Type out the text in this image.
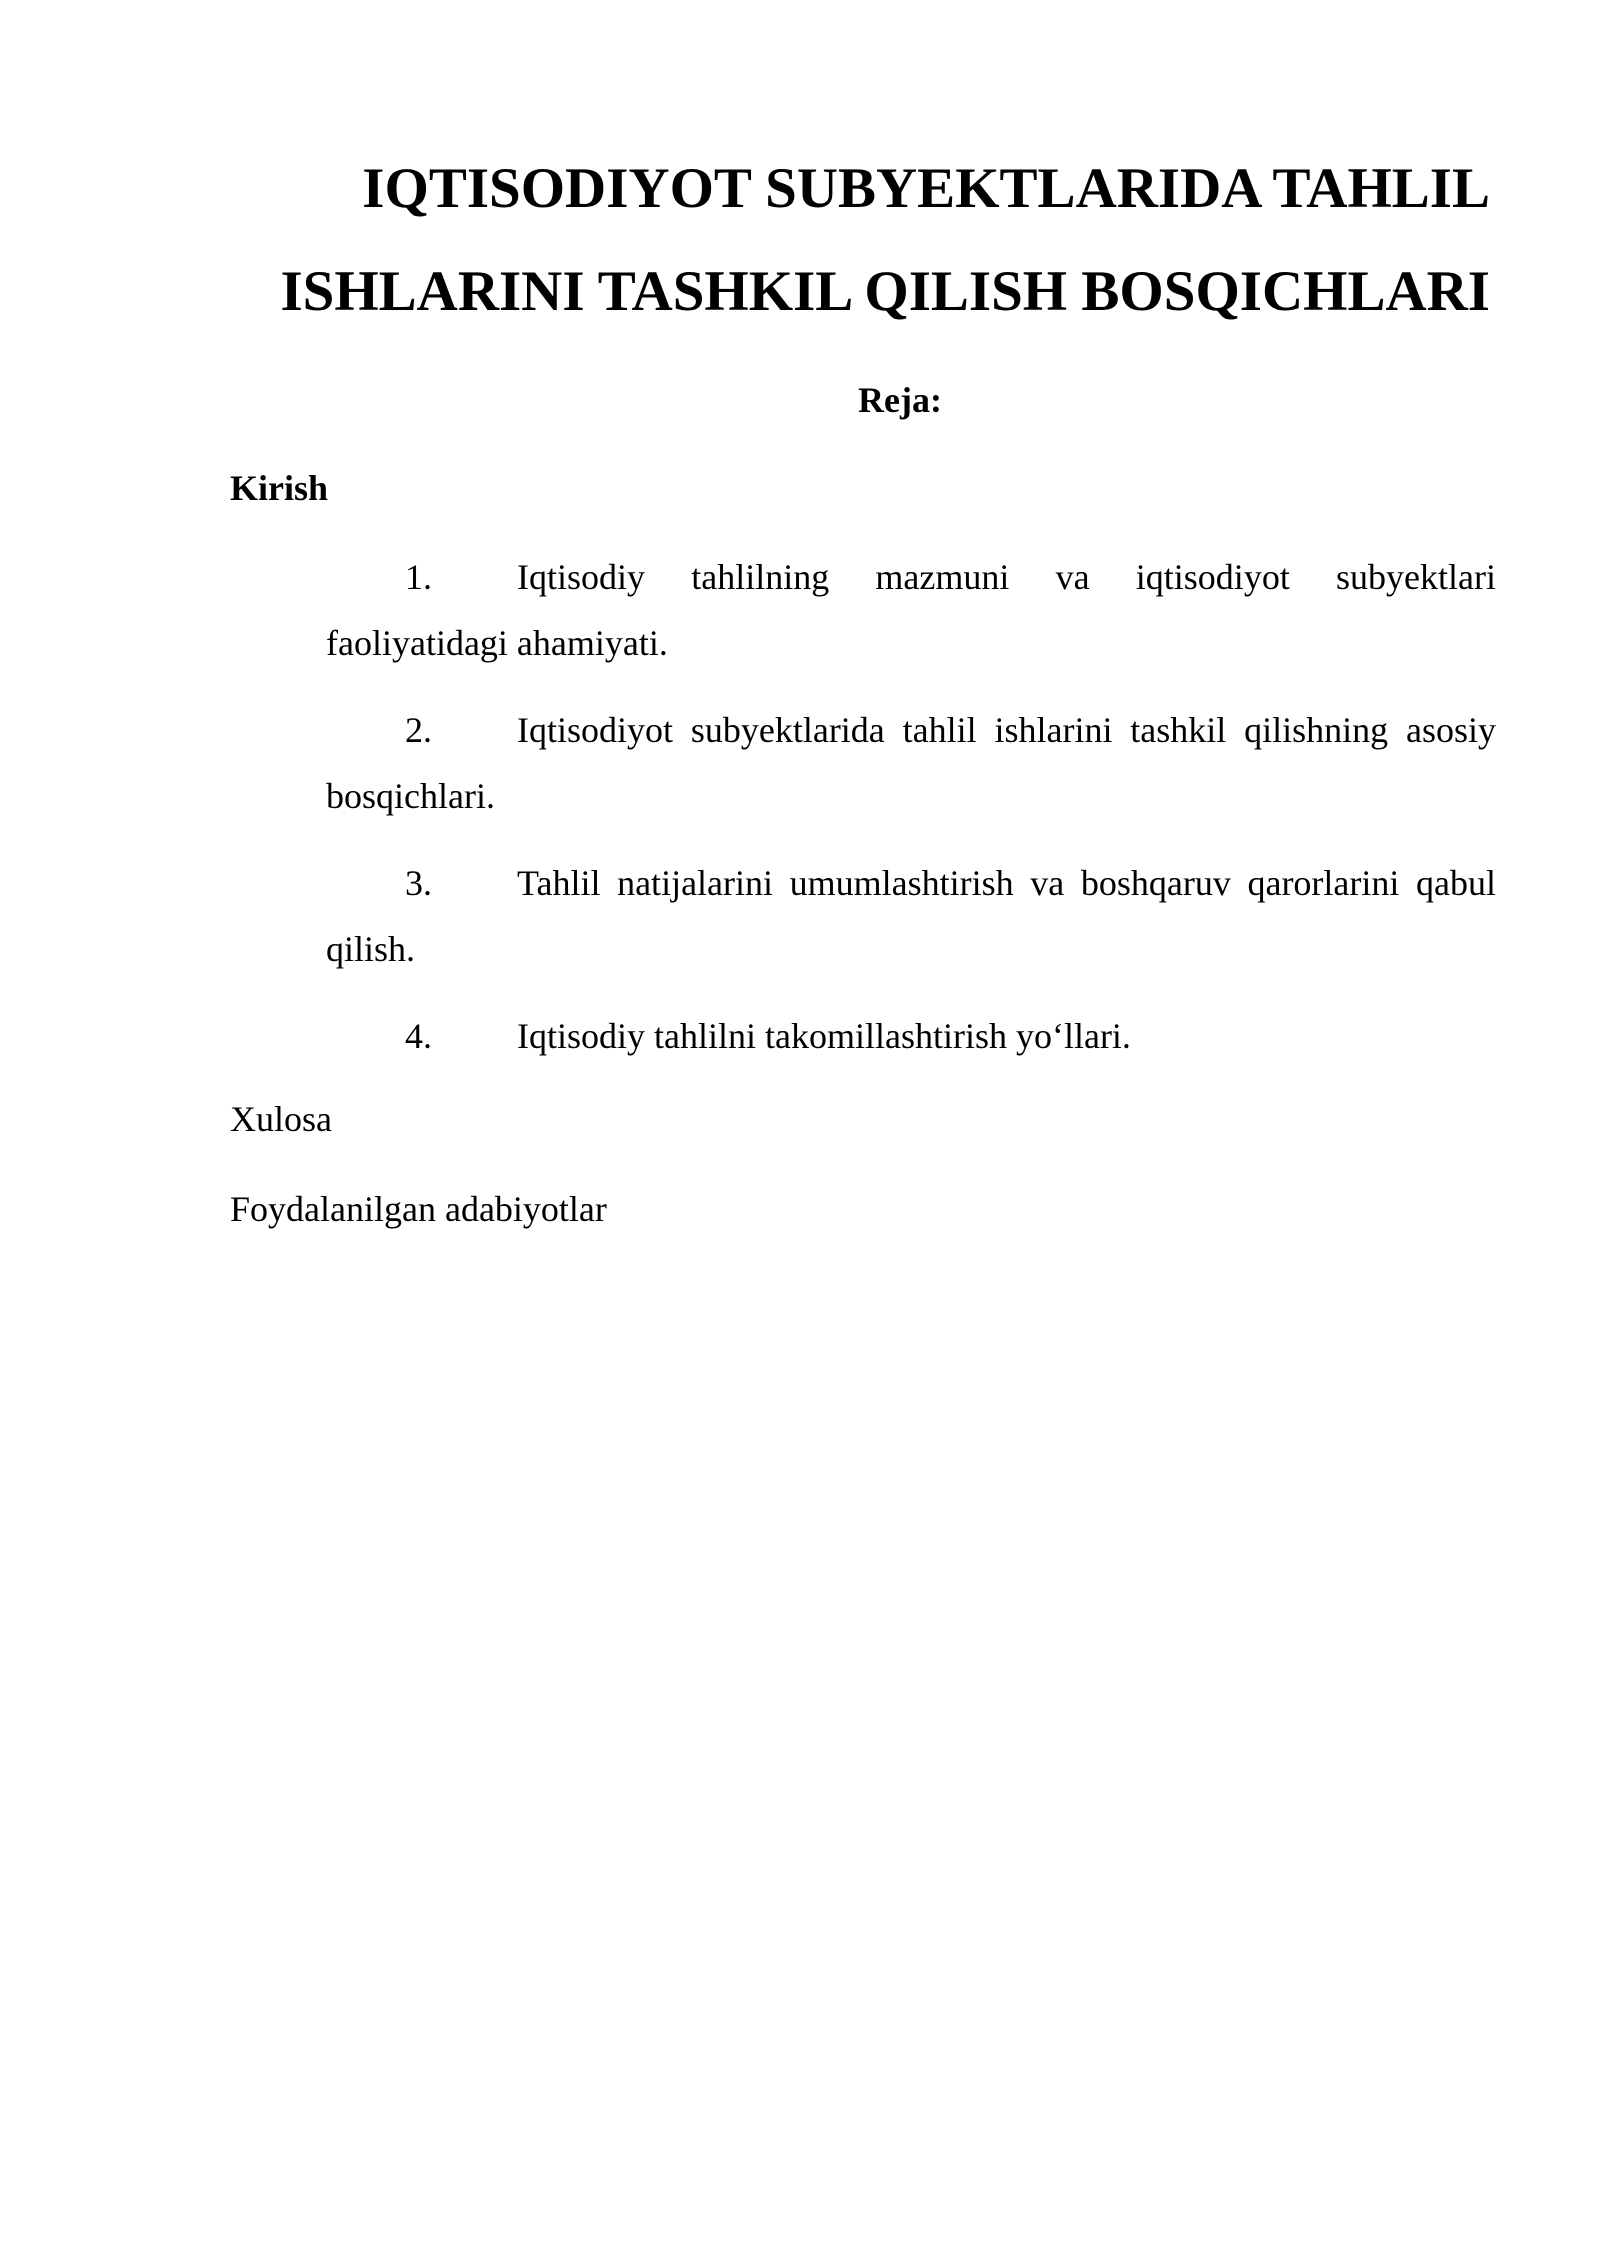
IQTISODIYOT SUBYEKTLARIDA TAHLIL
ISHLARINI TASHKIL QILISH BOSQICHLARI
Reja:
Kirish
1. Iqtisodiy tahlilning mazmuni va iqtisodiyot subyektlari
faoliyatidagi ahamiyati.
2. Iqtisodiyot subyektlarida tahlil ishlarini tashkil qilishning asosiy
bosqichlari.
3. Tahlil natijalarini umumlashtirish va boshqaruv qarorlarini qabul
qilish.
4. Iqtisodiy tahlilni takomillashtirish yo‘llari.
Xulosa
Foydalanilgan adabiyotlar
